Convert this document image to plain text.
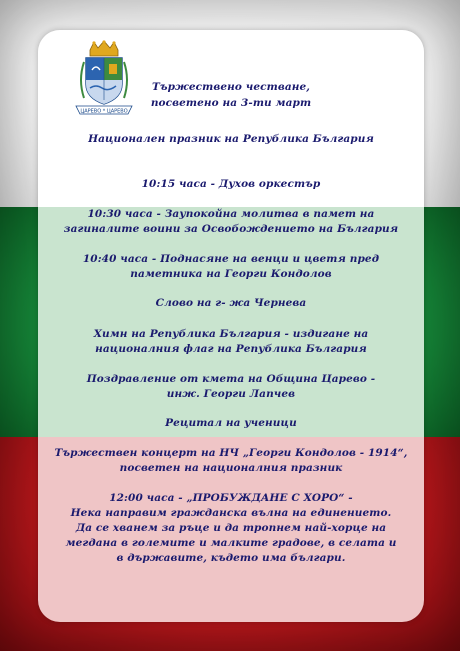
ЦАРЕВО * ЦАРЕВО
Тържествено честване,
посветено на 3-ти март
Национален празник на Република България
10:15 часа - Духов оркестър
10:30 часа - Заупокойна молитва в памет на
загиналите воини за Освобождението на България
10:40 часа - Поднасяне на венци и цветя пред
паметника на Георги Кондолов
Слово на г- жа Чернева
Химн на Република България - издигане на
националния флаг на Република България
Поздравление от кмета на Община Царево -
инж. Георги Лапчев
Рецитал на ученици
Тържествен концерт на НЧ „Георги Кондолов - 1914“,
посветен на националния празник
12:00 часа - „ПРОБУЖДАНЕ С ХОРО“ -
Нека направим гражданска вълна на единението.
Да се хванем за ръце и да тропнем най-хорце на
мегдана в големите и малките градове, в селата и
в държавите, където има българи.
